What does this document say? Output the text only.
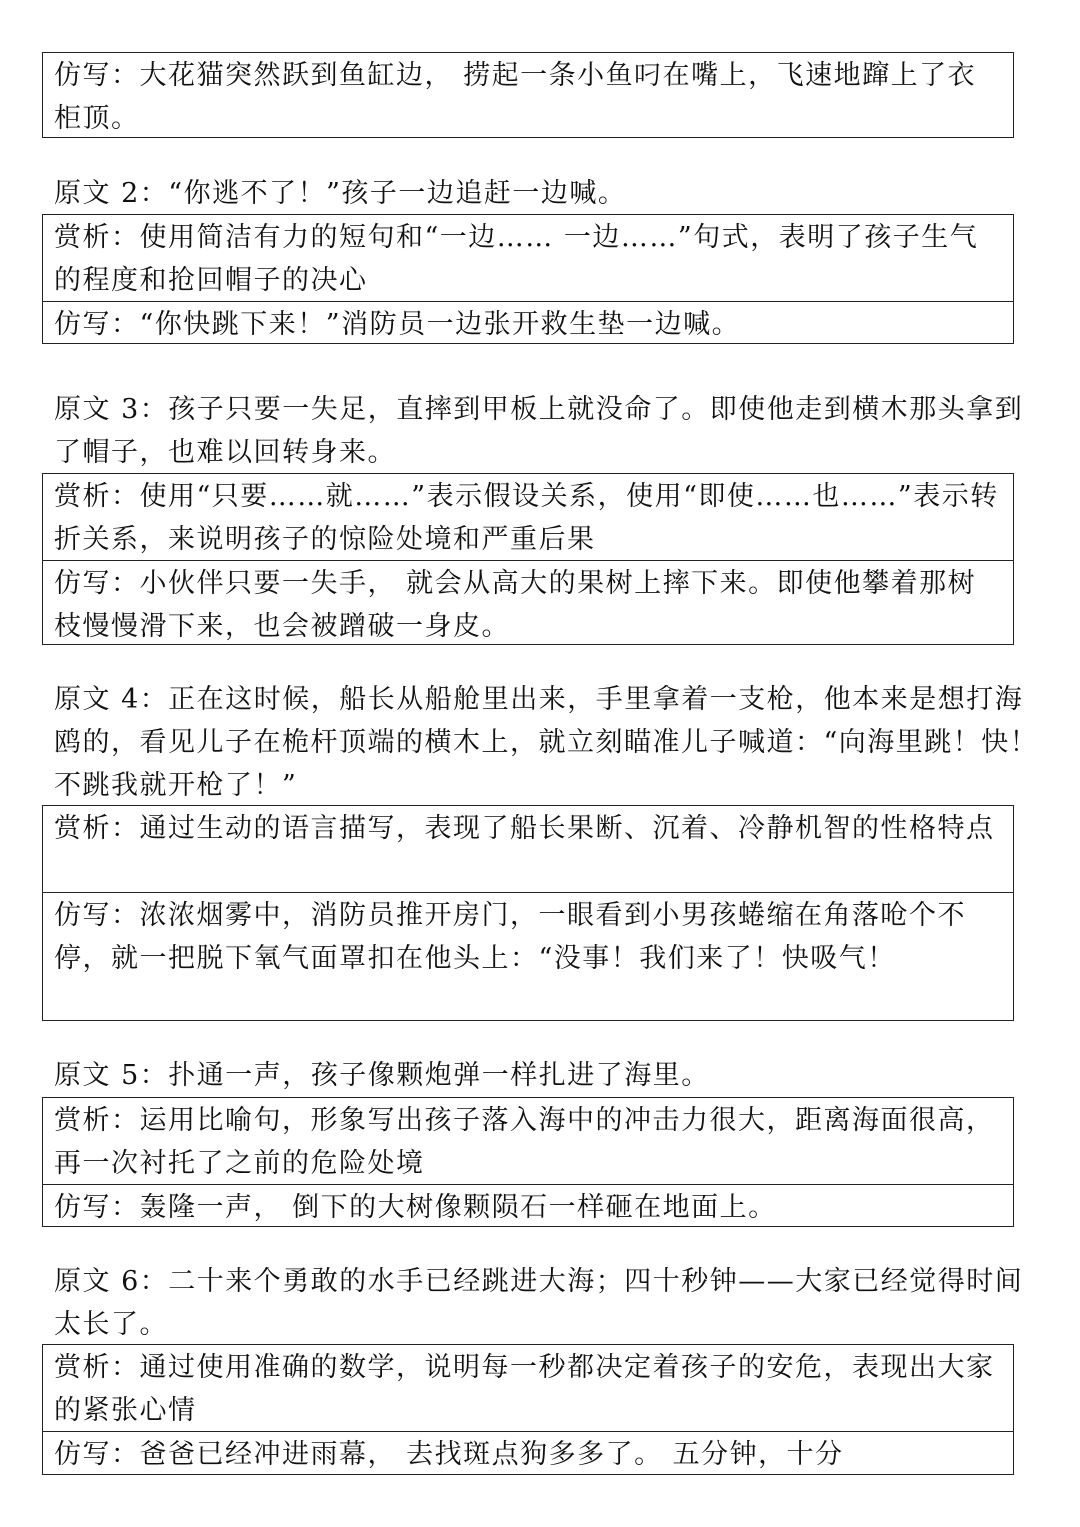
仿写：大花猫突然跃到鱼缸边， 捞起一条小鱼叼在嘴上，飞速地蹿上了衣柜顶。

原文 2：“你逃不了！”孩子一边追赶一边喊。

赏析：使用简洁有力的短句和“一边…… 一边……”句式，表明了孩子生气的程度和抢回帽子的决心
仿写：“你快跳下来！”消防员一边张开救生垫一边喊。

原文 3：孩子只要一失足，直摔到甲板上就没命了。即使他走到横木那头拿到了帽子，也难以回转身来。

赏析：使用“只要……就……”表示假设关系，使用“即使……也……”表示转折关系，来说明孩子的惊险处境和严重后果
仿写：小伙伴只要一失手， 就会从高大的果树上摔下来。即使他攀着那树枝慢慢滑下来，也会被蹭破一身皮。

原文 4：正在这时候，船长从船舱里出来，手里拿着一支枪，他本来是想打海鸥的，看见儿子在桅杆顶端的横木上，就立刻瞄准儿子喊道：“向海里跳！快！不跳我就开枪了！”

赏析：通过生动的语言描写，表现了船长果断、沉着、冷静机智的性格特点
仿写：浓浓烟雾中，消防员推开房门，一眼看到小男孩蜷缩在角落呛个不停，就一把脱下氧气面罩扣在他头上：“没事！我们来了！快吸气！

原文 5：扑通一声，孩子像颗炮弹一样扎进了海里。

赏析：运用比喻句，形象写出孩子落入海中的冲击力很大，距离海面很高，再一次衬托了之前的危险处境
仿写：轰隆一声， 倒下的大树像颗陨石一样砸在地面上。

原文 6：二十来个勇敢的水手已经跳进大海；四十秒钟——大家已经觉得时间太长了。

赏析：通过使用准确的数学，说明每一秒都决定着孩子的安危，表现出大家的紧张心情
仿写：爸爸已经冲进雨幕， 去找斑点狗多多了。 五分钟，十分
